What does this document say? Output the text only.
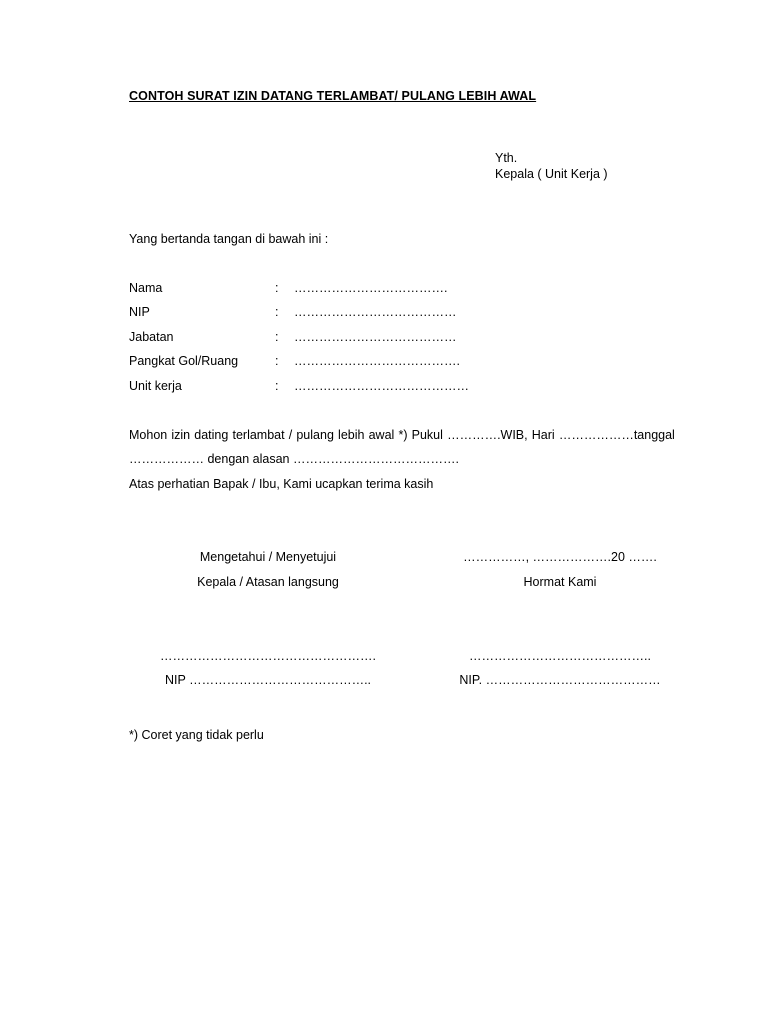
CONTOH SURAT IZIN DATANG TERLAMBAT/ PULANG LEBIH AWAL
Yth.
Kepala ( Unit Kerja )
Yang bertanda tangan di bawah ini :
Nama	: ……………………………….
NIP	: …………………………………
Jabatan	: …………………………………
Pangkat Gol/Ruang	: ………………………………….
Unit kerja	: ……………………………………
Mohon izin dating terlambat / pulang lebih awal *) Pukul ………….WIB, Hari ………………tanggal
……………… dengan alasan ………………………………….
Atas perhatian Bapak / Ibu, Kami ucapkan terima kasih
Mengetahui / Menyetujui
Kepala / Atasan langsung
…………………………………………….
NIP ……………………………………..
……………, ……………….20 …….
Hormat Kami
……………………………………..
NIP. ……………………………………
*) Coret yang tidak perlu
